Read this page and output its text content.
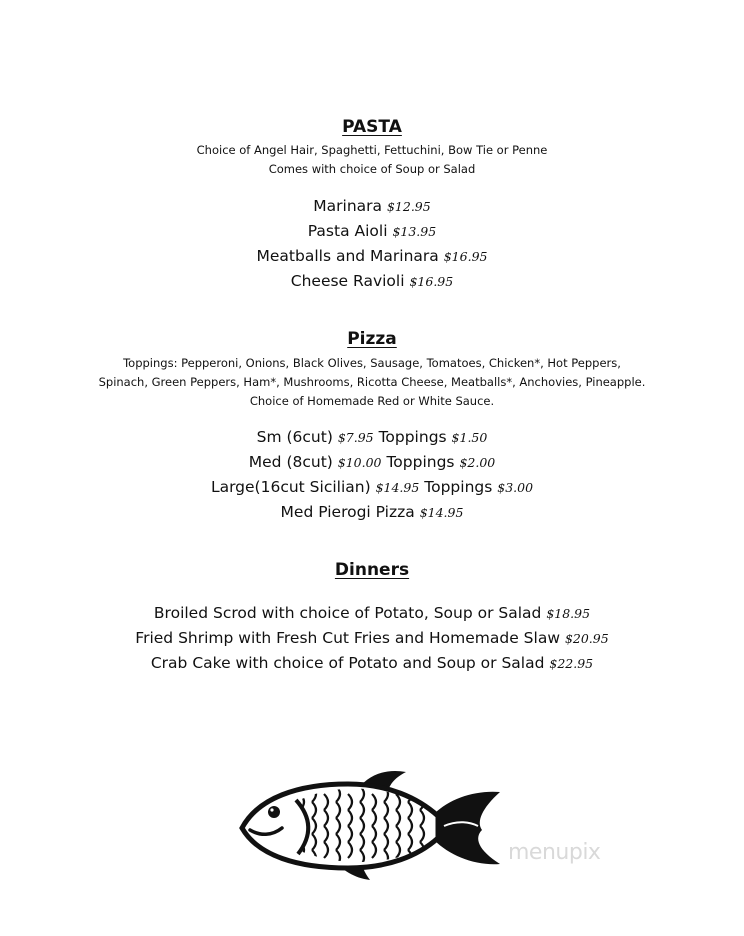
PASTA

Choice of Angel Hair, Spaghetti, Fettuchini, Bow Tie or Penne

Comes with choice of Soup or Salad

Marinara $12.95
Pasta Aioli $13.95
Meatballs and Marinara $16.95
Cheese Ravioli $16.95
Pizza

Toppings: Pepperoni, Onions, Black Olives, Sausage, Tomatoes, Chicken*, Hot Peppers,

Spinach, Green Peppers, Ham*, Mushrooms, Ricotta Cheese, Meatballs*, Anchovies, Pineapple.

Choice of Homemade Red or White Sauce.

Sm (6cut) $7.95 Toppings $1.50
Med (8cut) $10.00 Toppings $2.00
Large(16cut Sicilian) $14.95 Toppings $3.00
Med Pierogi Pizza $14.95
Dinners
Broiled Scrod with choice of Potato, Soup or Salad $18.95
Fried Shrimp with Fresh Cut Fries and Homemade Slaw $20.95
Crab Cake with choice of Potato and Soup or Salad $22.95
menupix
